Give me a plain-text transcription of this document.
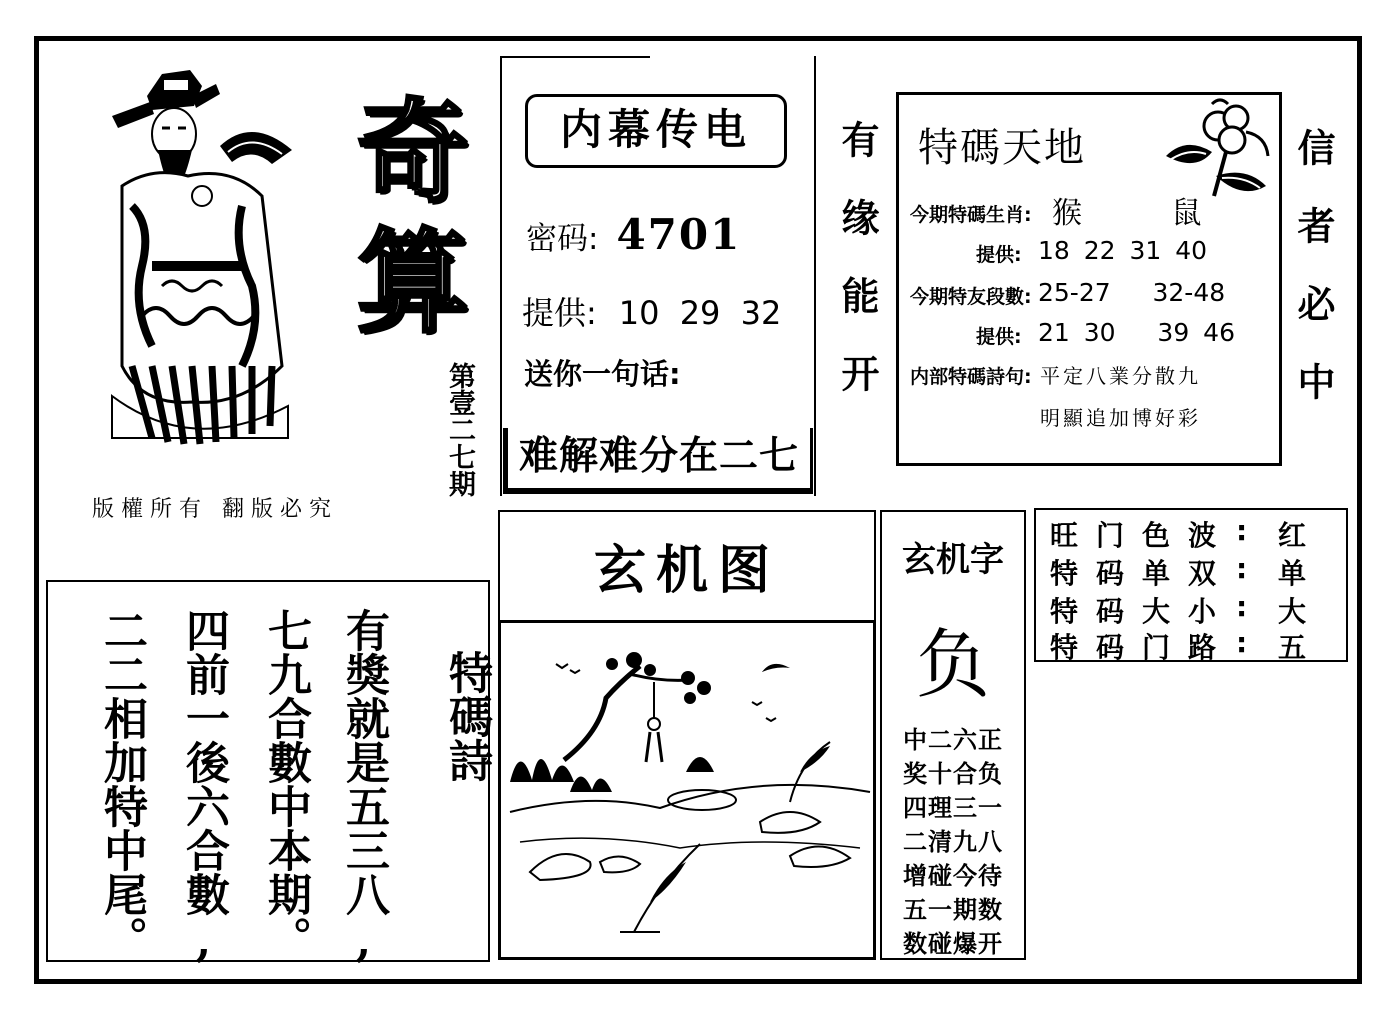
奇
算
第壹二七期
版權所有 翻版必究
内幕传电
密码: 4701
提供: 10 29 32
送你一句话:
难解难分在二七
有缘能开	信者必中
特碼天地
今期特碼生肖: 猴 鼠
提供: 18 22 31 40
今期特友段數: 25-27   32-48
提供: 21 30   39 46
内部特碼詩句: 平定八業分散九
明顯追加博好彩
玄机图	玄机字
负
中二六正
奖十合负
四理三一
二清九八
增碰今待
五一期数
数碰爆开
旺门色波 : 红
特码单双 : 单
特码大小 : 大
特码门路 : 五
特碼詩
有獎就是五三八,
七九合數中本期。
四前一後六合數,
二二相加特中尾。
